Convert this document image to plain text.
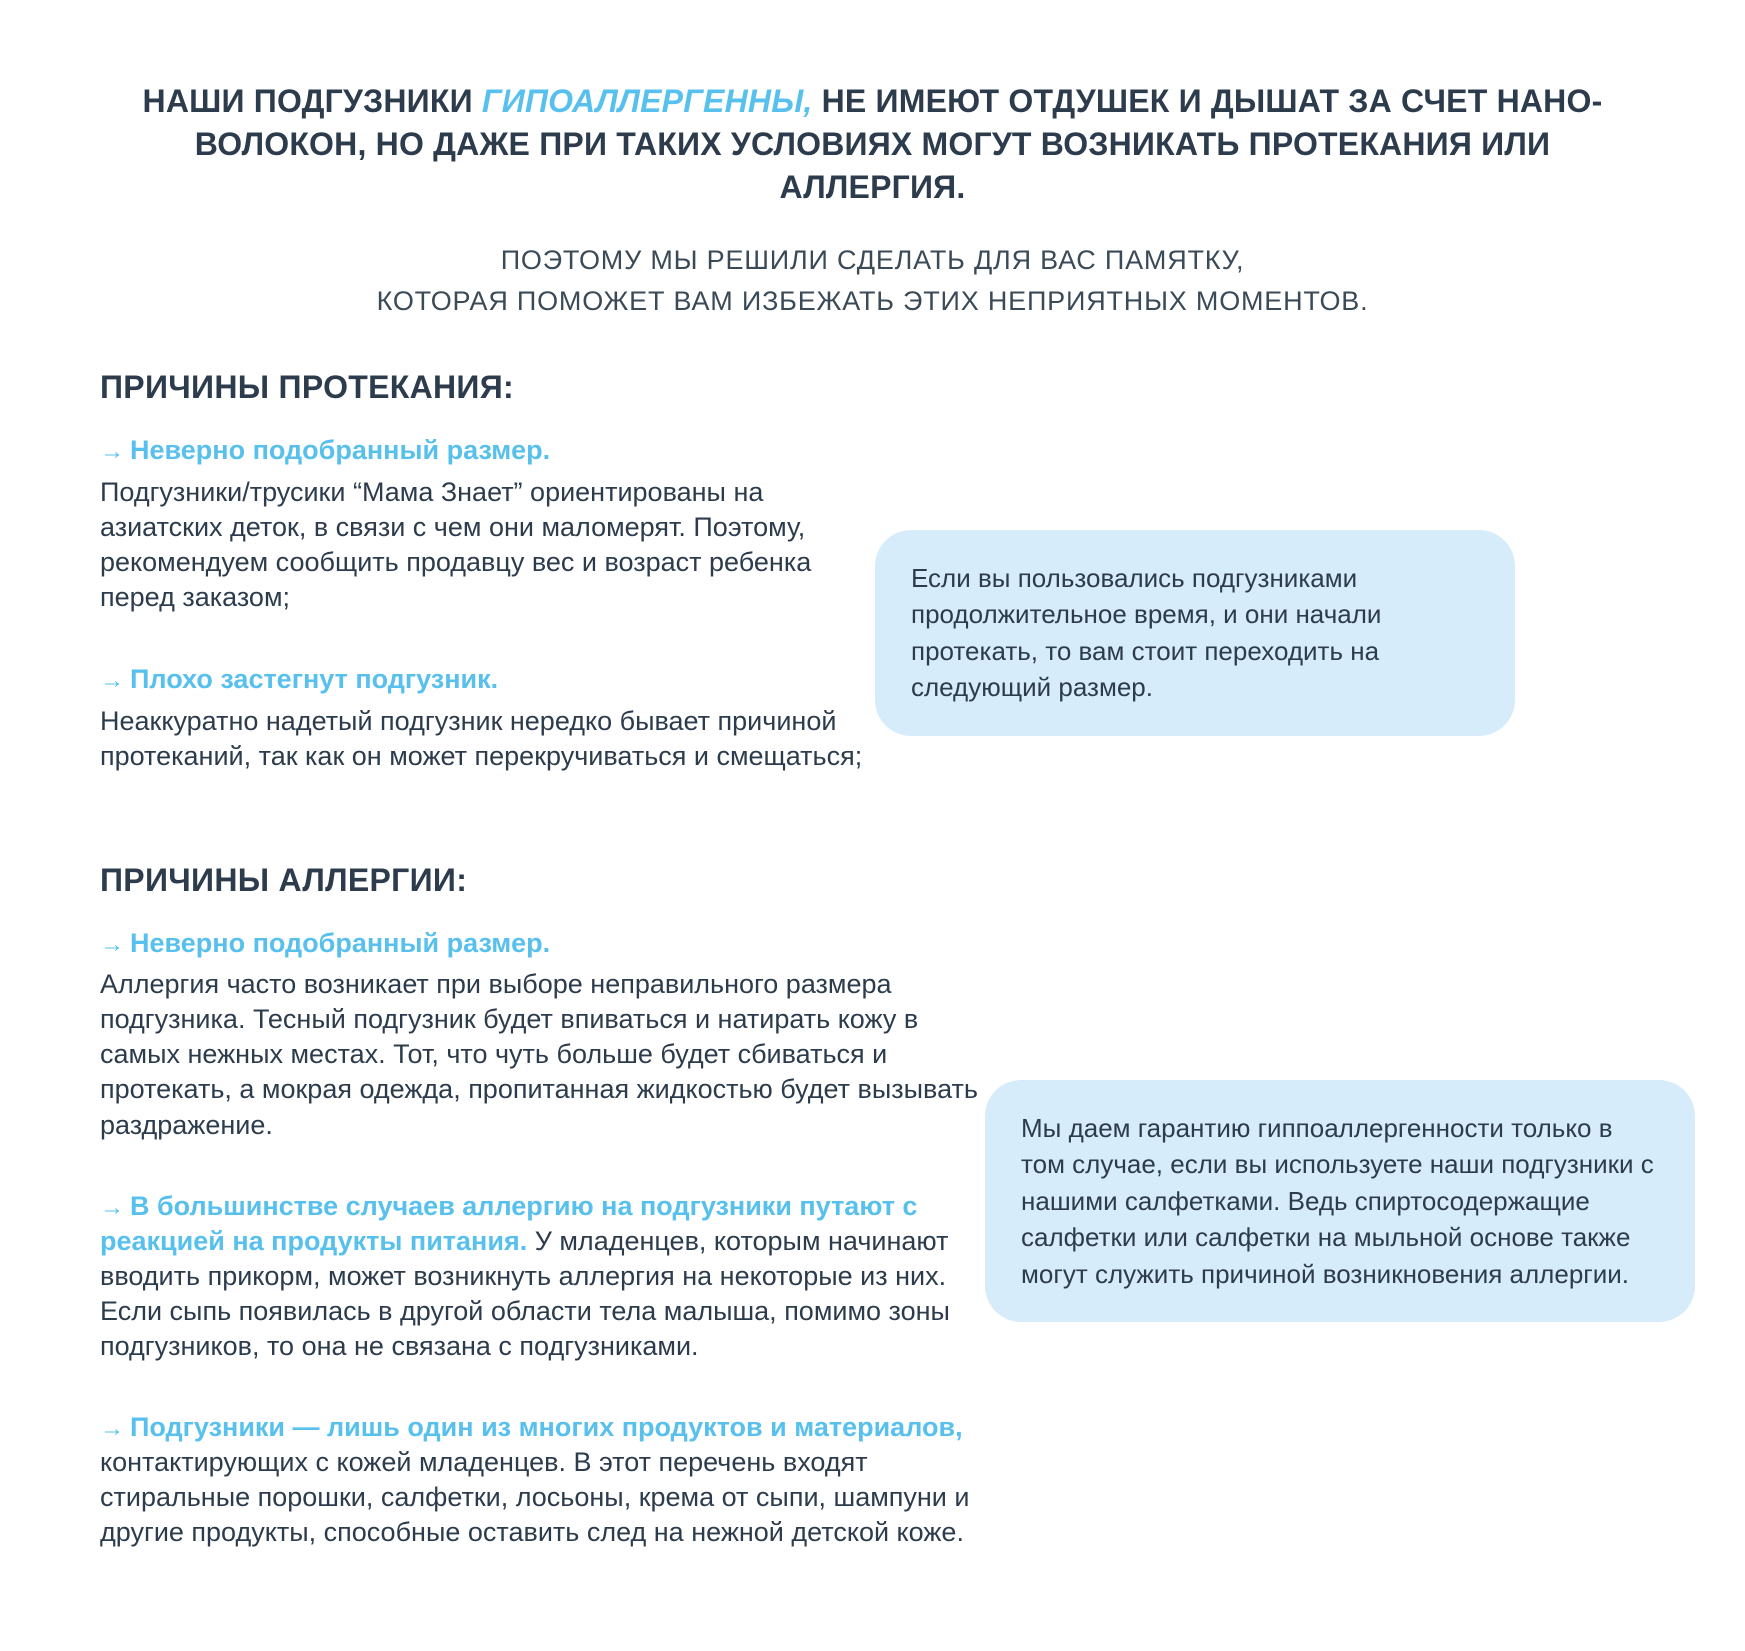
НАШИ ПОДГУЗНИКИ ГИПОАЛЛЕРГЕННЫ, НЕ ИМЕЮТ ОТДУШЕК И ДЫШАТ ЗА СЧЕТ НАНО-ВОЛОКОН, НО ДАЖЕ ПРИ ТАКИХ УСЛОВИЯХ МОГУТ ВОЗНИКАТЬ ПРОТЕКАНИЯ ИЛИ АЛЛЕРГИЯ.
ПОЭТОМУ МЫ РЕШИЛИ СДЕЛАТЬ ДЛЯ ВАС ПАМЯТКУ,
КОТОРАЯ ПОМОЖЕТ ВАМ ИЗБЕЖАТЬ ЭТИХ НЕПРИЯТНЫХ МОМЕНТОВ.
ПРИЧИНЫ ПРОТЕКАНИЯ:
→ Неверно подобранный размер.
Подгузники/трусики “Мама Знает” ориентированы на азиатских деток, в связи с чем они маломерят. Поэтому, рекомендуем сообщить продавцу вес и возраст ребенка перед заказом;
→ Плохо застегнут подгузник.
Неаккуратно надетый подгузник нередко бывает причиной протеканий, так как он может перекручиваться и смещаться;
ПРИЧИНЫ АЛЛЕРГИИ:
→ Неверно подобранный размер.
Аллергия часто возникает при выборе неправильного размера подгузника. Тесный подгузник будет впиваться и натирать кожу в самых нежных местах. Тот, что чуть больше будет сбиваться и протекать, а мокрая одежда, пропитанная жидкостью будет вызывать раздражение.

→ В большинстве случаев аллергию на подгузники путают с реакцией на продукты питания. У младенцев, которым начинают вводить прикорм, может возникнуть аллергия на некоторые из них. Если сыпь появилась в другой области тела малыша, помимо зоны подгузников, то она не связана с подгузниками.

→ Подгузники — лишь один из многих продуктов и материалов, контактирующих с кожей младенцев. В этот перечень входят стиральные порошки, салфетки, лосьоны, крема от сыпи, шампуни и другие продукты, способные оставить след на нежной детской коже.

Если вы пользовались подгузниками продолжительное время, и они начали протекать, то вам стоит переходить на следующий размер.
Мы даем гарантию гиппоаллергенности только в том случае, если вы используете наши подгузники с нашими салфетками. Ведь спиртосодержащие салфетки или салфетки на мыльной основе также могут служить причиной возникновения аллергии.
